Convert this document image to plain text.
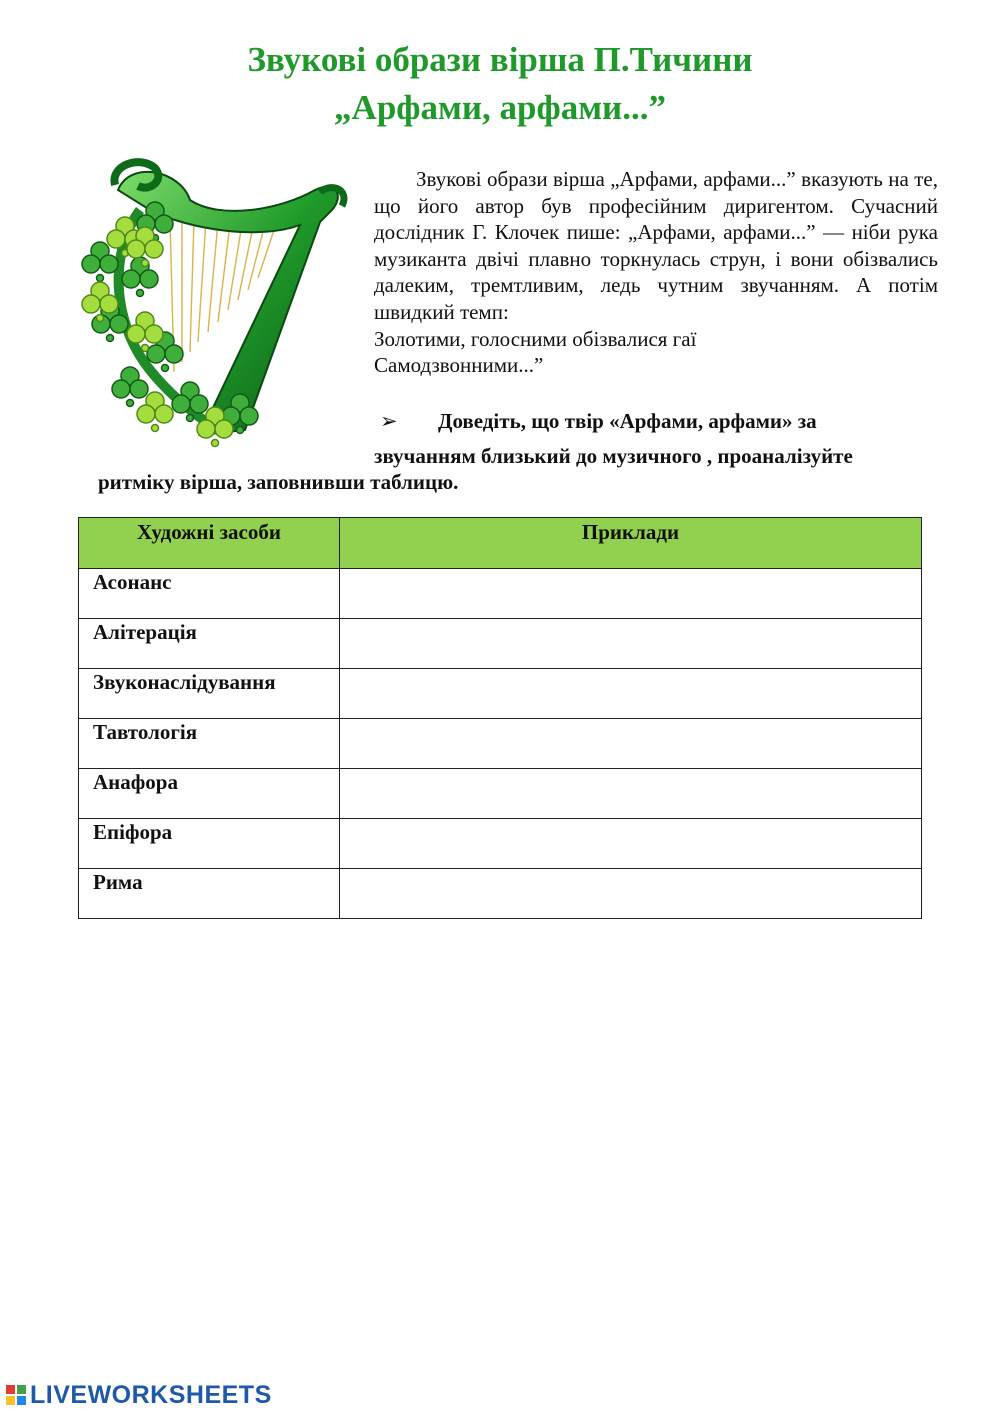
Звукові образи вірша П.Тичини
„Арфами, арфами...”

Звукові образи вірша „Арфами, арфами...” вказують на те, що його автор був професійним диригентом. Сучасний дослідник Г. Клочек пише: „Арфами, арфами...” — ніби рука музиканта двічі плавно торкнулась струн, і вони обізвались далеким, тремтливим, ледь чутним звучанням. А потім швидкий темп:

Золотими, голосними обізвалися гаї
Самодзвонними...”
➢ Доведіть, що твір «Арфами, арфами» за
звучанням близький до музичного , проаналізуйте
ритміку вірша, заповнивши таблицю.
Художні засоби	Приклади
Асонанс	
Алітерація	
Звуконаслідування	
Тавтологія	
Анафора	
Епіфора	
Рима	
LIVEWORKSHEETS
